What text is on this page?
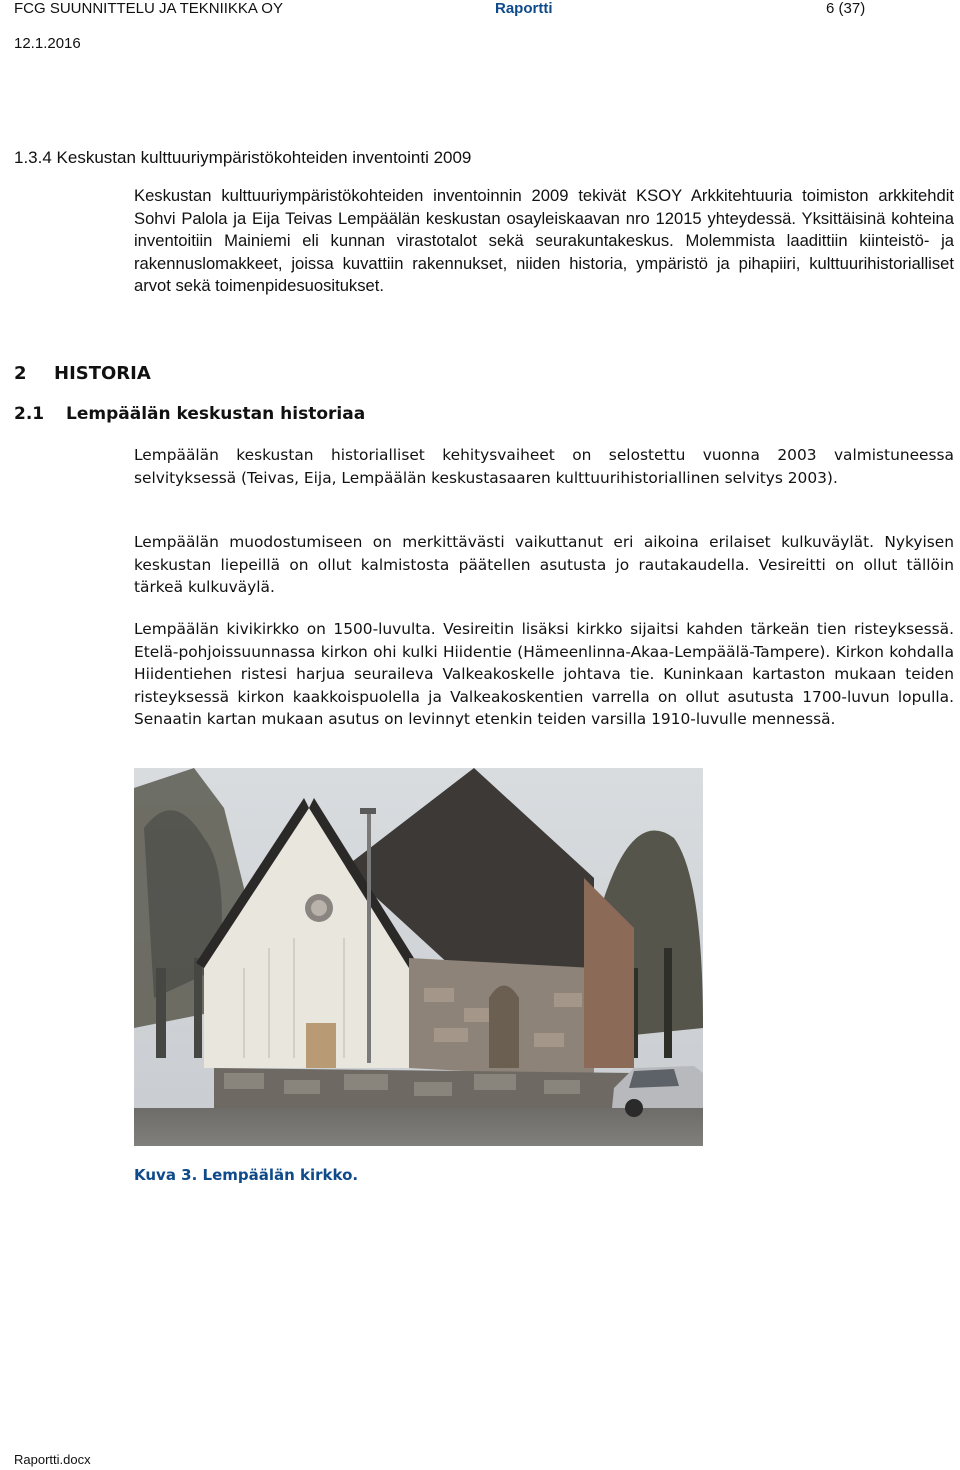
FCG SUUNNITTELU JA TEKNIIKKA OY	Raportti	6 (37)
12.1.2016
1.3.4 Keskustan kulttuuriympäristökohteiden inventointi 2009
Keskustan kulttuuriympäristökohteiden inventoinnin 2009 tekivät KSOY Arkkitehtuuria toimiston arkkitehdit Sohvi Palola ja Eija Teivas Lempäälän keskustan osayleiskaavan nro 12015 yhteydessä. Yksittäisinä kohteina inventoitiin Mainiemi eli kunnan virastotalot sekä seurakuntakeskus. Molemmista laadittiin kiinteistö- ja rakennuslomakkeet, joissa kuvattiin rakennukset, niiden historia, ympäristö ja pihapiiri, kulttuurihistorialliset arvot sekä toimenpidesuositukset.
2 HISTORIA
2.1 Lempäälän keskustan historiaa
Lempäälän keskustan historialliset kehitysvaiheet on selostettu vuonna 2003 valmistuneessa selvityksessä (Teivas, Eija, Lempäälän keskustasaaren kulttuurihistoriallinen selvitys 2003).
Lempäälän muodostumiseen on merkittävästi vaikuttanut eri aikoina erilaiset kulkuväylät. Nykyisen keskustan liepeillä on ollut kalmistosta päätellen asutusta jo rautakaudella. Vesireitti on ollut tällöin tärkeä kulkuväylä.
Lempäälän kivikirkko on 1500-luvulta. Vesireitin lisäksi kirkko sijaitsi kahden tärkeän tien risteyksessä. Etelä-pohjoissuunnassa kirkon ohi kulki Hiidentie (Hämeenlinna-Akaa-Lempäälä-Tampere). Kirkon kohdalla Hiidentiehen ristesi harjua seuraileva Valkeakoskelle johtava tie. Kuninkaan kartaston mukaan teiden risteyksessä kirkon kaakkoispuolella ja Valkeakoskentien varrella on ollut asutusta 1700-luvun lopulla. Senaatin kartan mukaan asutus on levinnyt etenkin teiden varsilla 1910-luvulle mennessä.
Kuva 3. Lempäälän kirkko.
Raportti.docx
